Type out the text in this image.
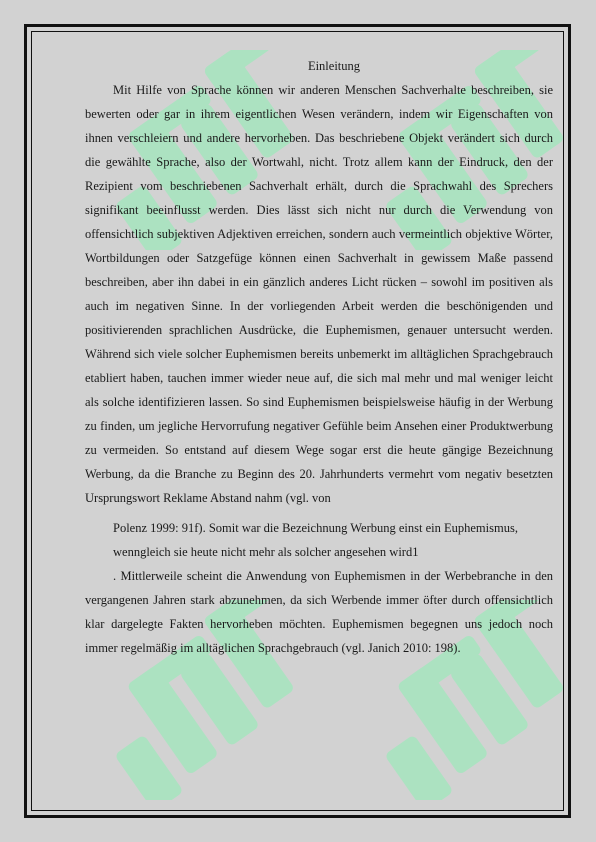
Einleitung

Mit Hilfe von Sprache können wir anderen Menschen Sachverhalte beschreiben, sie bewerten oder gar in ihrem eigentlichen Wesen verändern, indem wir Eigenschaften von ihnen verschleiern und andere hervorheben. Das beschriebene Objekt verändert sich durch die gewählte Sprache, also der Wortwahl, nicht. Trotz allem kann der Eindruck, den der Rezipient vom beschriebenen Sachverhalt erhält, durch die Sprachwahl des Sprechers signifikant beeinflusst werden. Dies lässt sich nicht nur durch die Verwendung von offensichtlich subjektiven Adjektiven erreichen, sondern auch vermeintlich objektive Wörter, Wortbildungen oder Satzgefüge können einen Sachverhalt in gewissem Maße passend beschreiben, aber ihn dabei in ein gänzlich anderes Licht rücken – sowohl im positiven als auch im negativen Sinne. In der vorliegenden Arbeit werden die beschönigenden und positivierenden sprachlichen Ausdrücke, die Euphemismen, genauer untersucht werden. Während sich viele solcher Euphemismen bereits unbemerkt im alltäglichen Sprachgebrauch etabliert haben, tauchen immer wieder neue auf, die sich mal mehr und mal weniger leicht als solche identifizieren lassen. So sind Euphemismen beispielsweise häufig in der Werbung zu finden, um jegliche Hervorrufung negativer Gefühle beim Ansehen einer Produktwerbung zu vermeiden. So entstand auf diesem Wege sogar erst die heute gängige Bezeichnung Werbung, da die Branche zu Beginn des 20. Jahrhunderts vermehrt vom negativ besetzten Ursprungswort Reklame Abstand nahm (vgl. von

Polenz 1999: 91f). Somit war die Bezeichnung Werbung einst ein Euphemismus,

wenngleich sie heute nicht mehr als solcher angesehen wird1

. Mittlerweile scheint die Anwendung von Euphemismen in der Werbebranche in den vergangenen Jahren stark abzunehmen, da sich Werbende immer öfter durch offensichtlich klar dargelegte Fakten hervorheben möchten. Euphemismen begegnen uns jedoch noch immer regelmäßig im alltäglichen Sprachgebrauch (vgl. Janich 2010: 198).
